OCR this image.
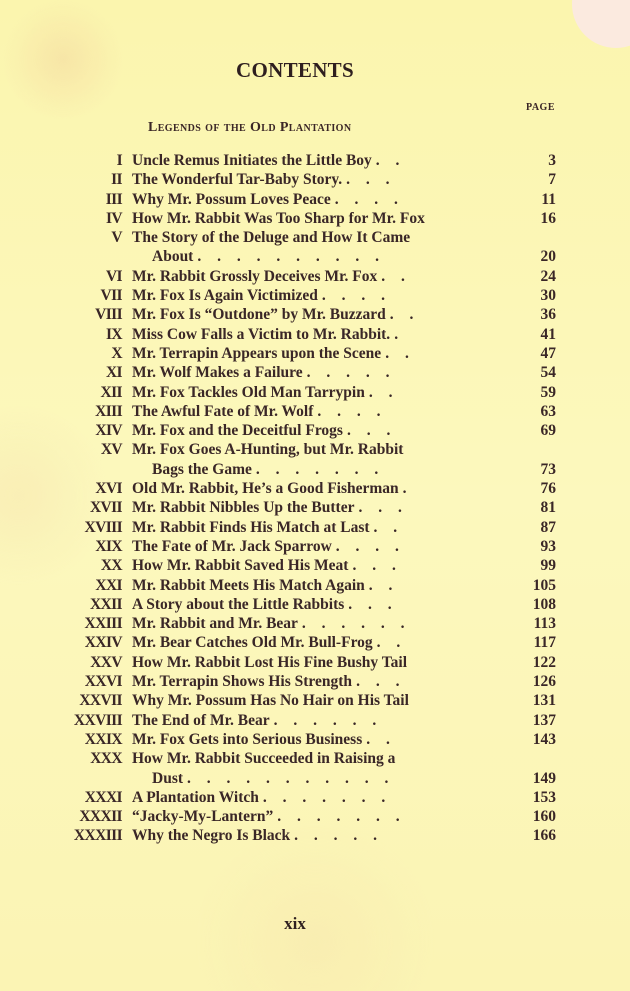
CONTENTS
PAGE
Legends of the Old Plantation
I Uncle Remus Initiates the Little Boy . .	3
II The Wonderful Tar-Baby Story. . . .	7
III Why Mr. Possum Loves Peace . . . .	11
IV How Mr. Rabbit Was Too Sharp for Mr. Fox	16
V The Story of the Deluge and How It Came
About . . . . . . . . . .	20
VI Mr. Rabbit Grossly Deceives Mr. Fox . .	24
VII Mr. Fox Is Again Victimized . . . .	30
VIII Mr. Fox Is “Outdone” by Mr. Buzzard . .	36
IX Miss Cow Falls a Victim to Mr. Rabbit. .	41
X Mr. Terrapin Appears upon the Scene . .	47
XI Mr. Wolf Makes a Failure . . . . .	54
XII Mr. Fox Tackles Old Man Tarrypin . .	59
XIII The Awful Fate of Mr. Wolf . . . .	63
XIV Mr. Fox and the Deceitful Frogs . . .	69
XV Mr. Fox Goes A-Hunting, but Mr. Rabbit
Bags the Game . . . . . . .	73
XVI Old Mr. Rabbit, He’s a Good Fisherman .	76
XVII Mr. Rabbit Nibbles Up the Butter . . .	81
XVIII Mr. Rabbit Finds His Match at Last . .	87
XIX The Fate of Mr. Jack Sparrow . . . .	93
XX How Mr. Rabbit Saved His Meat . . .	99
XXI Mr. Rabbit Meets His Match Again . .	105
XXII A Story about the Little Rabbits . . .	108
XXIII Mr. Rabbit and Mr. Bear . . . . . .	113
XXIV Mr. Bear Catches Old Mr. Bull-Frog . .	117
XXV How Mr. Rabbit Lost His Fine Bushy Tail	122
XXVI Mr. Terrapin Shows His Strength . . .	126
XXVII Why Mr. Possum Has No Hair on His Tail	131
XXVIII The End of Mr. Bear . . . . . .	137
XXIX Mr. Fox Gets into Serious Business . .	143
XXX How Mr. Rabbit Succeeded in Raising a
Dust . . . . . . . . . . .	149
XXXI A Plantation Witch . . . . . . .	153
XXXII “Jacky-My-Lantern” . . . . . . .	160
XXXIII Why the Negro Is Black . . . . .	166
xix
